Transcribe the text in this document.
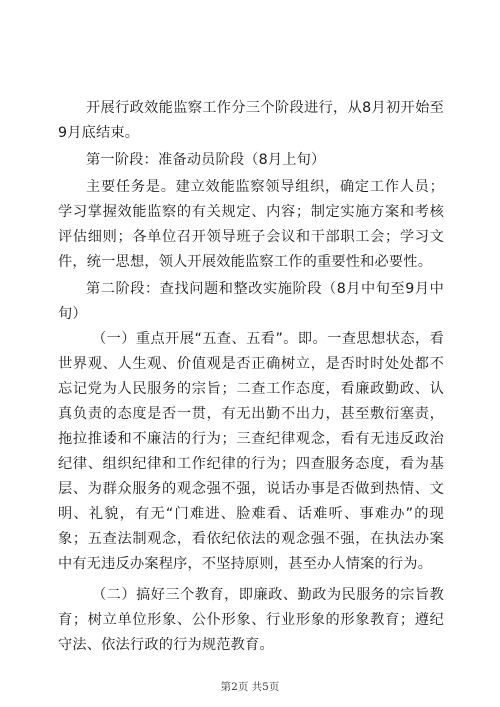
开展行政效能监察工作分三个阶段进行，从8月初开始至9月底结束。

第一阶段：准备动员阶段（8月上旬）

主要任务是。建立效能监察领导组织，确定工作人员；学习掌握效能监察的有关规定、内容；制定实施方案和考核评估细则；各单位召开领导班子会议和干部职工会；学习文件，统一思想，领人开展效能监察工作的重要性和必要性。

第二阶段：查找问题和整改实施阶段（8月中旬至9月中旬）

（一）重点开展“五查、五看”。即。一查思想状态，看世界观、人生观、价值观是否正确树立，是否时时处处都不忘记党为人民服务的宗旨；二查工作态度，看廉政勤政、认真负责的态度是否一贯，有无出勤不出力，甚至敷衍塞责，拖拉推诿和不廉洁的行为；三查纪律观念，看有无违反政治纪律、组织纪律和工作纪律的行为；四查服务态度，看为基层、为群众服务的观念强不强，说话办事是否做到热情、文明、礼貌，有无“门难进、脸难看、话难听、事难办”的现象；五查法制观念，看依纪依法的观念强不强，在执法办案中有无违反办案程序，不坚持原则，甚至办人情案的行为。

（二）搞好三个教育，即廉政、勤政为民服务的宗旨教育；树立单位形象、公仆形象、行业形象的形象教育；遵纪守法、依法行政的行为规范教育。

第2页 共5页
